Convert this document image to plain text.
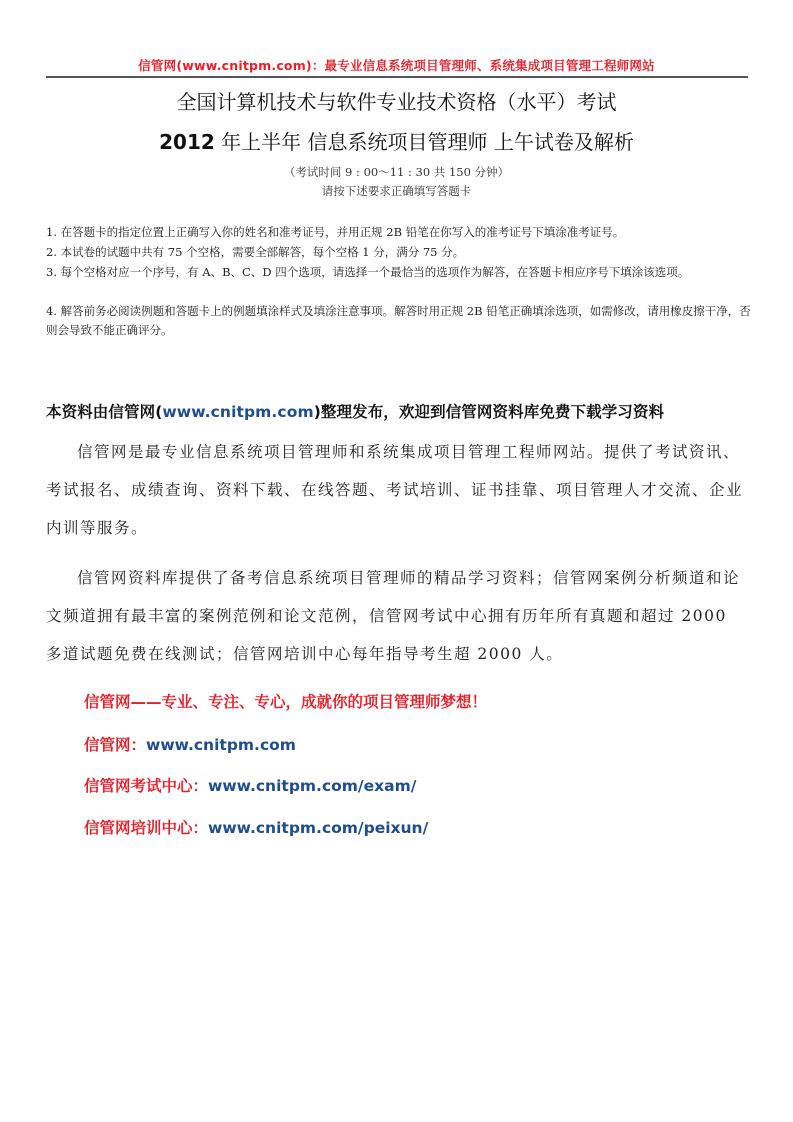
信管网(www.cnitpm.com)：最专业信息系统项目管理师、系统集成项目管理工程师网站
全国计算机技术与软件专业技术资格（水平）考试
2012 年上半年 信息系统项目管理师 上午试卷及解析
（考试时间 9 : 00～11 : 30 共 150 分钟）
请按下述要求正确填写答题卡
1. 在答题卡的指定位置上正确写入你的姓名和准考证号，并用正规 2B 铅笔在你写入的准考证号下填涂准考证号。
2. 本试卷的试题中共有 75 个空格，需要全部解答，每个空格 1 分，满分 75 分。
3. 每个空格对应一个序号，有 A、B、C、D 四个选项，请选择一个最恰当的选项作为解答，在答题卡相应序号下填涂该选项。
4. 解答前务必阅读例题和答题卡上的例题填涂样式及填涂注意事项。解答时用正规 2B 铅笔正确填涂选项，如需修改，请用橡皮擦干净，否则会导致不能正确评分。
本资料由信管网(www.cnitpm.com)整理发布，欢迎到信管网资料库免费下载学习资料
信管网是最专业信息系统项目管理师和系统集成项目管理工程师网站。提供了考试资讯、考试报名、成绩查询、资料下载、在线答题、考试培训、证书挂靠、项目管理人才交流、企业内训等服务。
信管网资料库提供了备考信息系统项目管理师的精品学习资料；信管网案例分析频道和论文频道拥有最丰富的案例范例和论文范例，信管网考试中心拥有历年所有真题和超过 2000 多道试题免费在线测试；信管网培训中心每年指导考生超 2000 人。
信管网——专业、专注、专心，成就你的项目管理师梦想！
信管网：www.cnitpm.com
信管网考试中心：www.cnitpm.com/exam/
信管网培训中心：www.cnitpm.com/peixun/
